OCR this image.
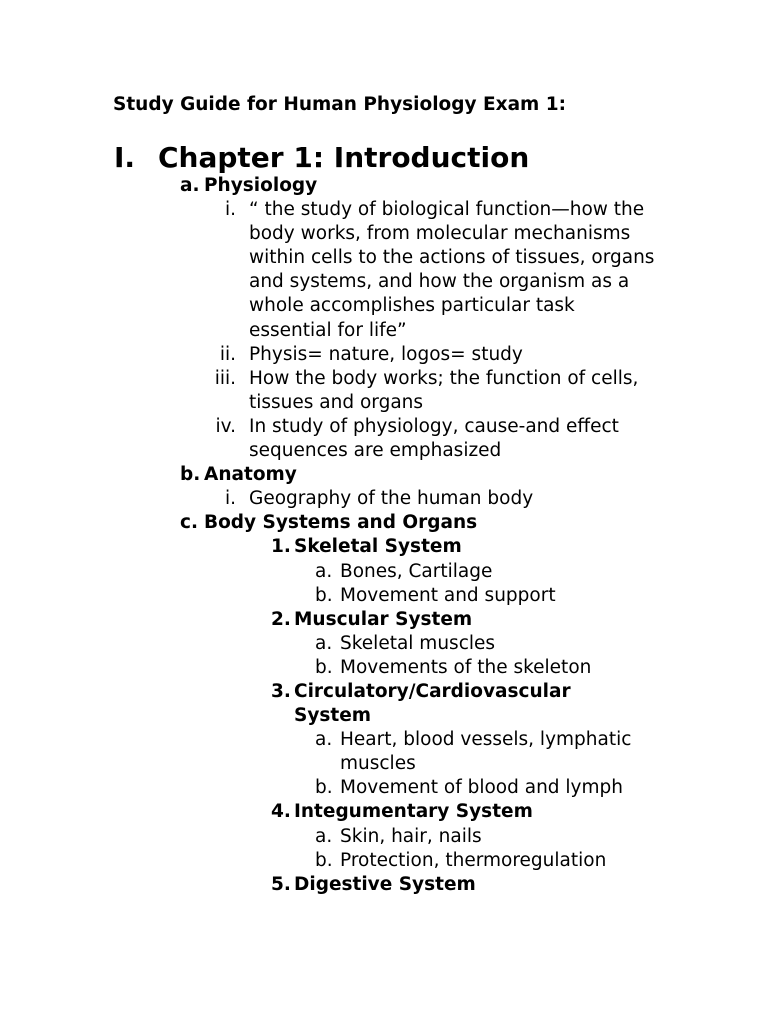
Study Guide for Human Physiology Exam 1:
I. Chapter 1: Introduction
a. Physiology
i. “ the study of biological function—how the body works, from molecular mechanisms within cells to the actions of tissues, organs and systems, and how the organism as a whole accomplishes particular task essential for life”
ii. Physis= nature, logos= study
iii. How the body works; the function of cells, tissues and organs
iv. In study of physiology, cause-and effect sequences are emphasized
b. Anatomy
i. Geography of the human body
c. Body Systems and Organs
1. Skeletal System
a. Bones, Cartilage
b. Movement and support
2. Muscular System
a. Skeletal muscles
b. Movements of the skeleton
3. Circulatory/Cardiovascular System
a. Heart, blood vessels, lymphatic muscles
b. Movement of blood and lymph
4. Integumentary System
a. Skin, hair, nails
b. Protection, thermoregulation
5. Digestive System
